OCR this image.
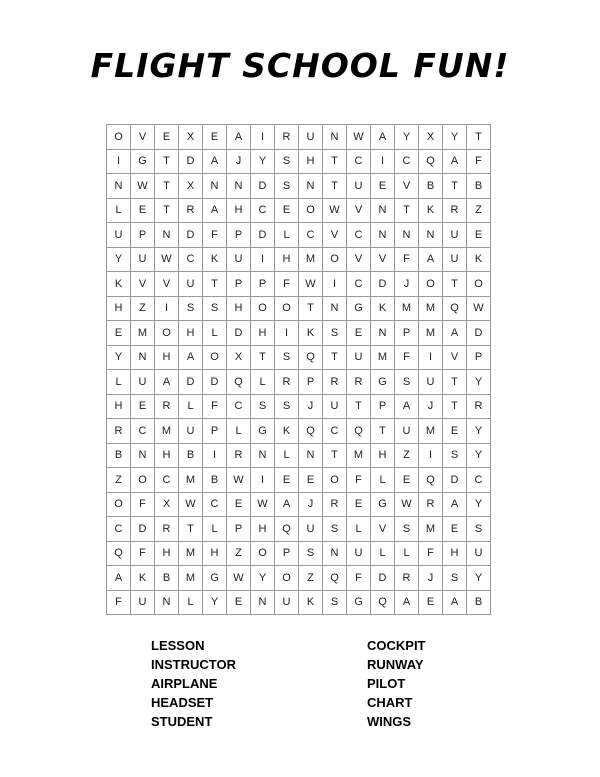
FLIGHT SCHOOL FUN!
O	V	E	X	E	A	I	R	U	N	W	A	Y	X	Y	T
I	G	T	D	A	J	Y	S	H	T	C	I	C	Q	A	F
N	W	T	X	N	N	D	S	N	T	U	E	V	B	T	B
L	E	T	R	A	H	C	E	O	W	V	N	T	K	R	Z
U	P	N	D	F	P	D	L	C	V	C	N	N	N	U	E
Y	U	W	C	K	U	I	H	M	O	V	V	F	A	U	K
K	V	V	U	T	P	P	F	W	I	C	D	J	O	T	O
H	Z	I	S	S	H	O	O	T	N	G	K	M	M	Q	W
E	M	O	H	L	D	H	I	K	S	E	N	P	M	A	D
Y	N	H	A	O	X	T	S	Q	T	U	M	F	I	V	P
L	U	A	D	D	Q	L	R	P	R	R	G	S	U	T	Y
H	E	R	L	F	C	S	S	J	U	T	P	A	J	T	R
R	C	M	U	P	L	G	K	Q	C	Q	T	U	M	E	Y
B	N	H	B	I	R	N	L	N	T	M	H	Z	I	S	Y
Z	O	C	M	B	W	I	E	E	O	F	L	E	Q	D	C
O	F	X	W	C	E	W	A	J	R	E	G	W	R	A	Y
C	D	R	T	L	P	H	Q	U	S	L	V	S	M	E	S
Q	F	H	M	H	Z	O	P	S	N	U	L	L	F	H	U
A	K	B	M	G	W	Y	O	Z	Q	F	D	R	J	S	Y
F	U	N	L	Y	E	N	U	K	S	G	Q	A	E	A	B
LESSON
INSTRUCTOR
AIRPLANE
HEADSET
STUDENT
COCKPIT
RUNWAY
PILOT
CHART
WINGS
